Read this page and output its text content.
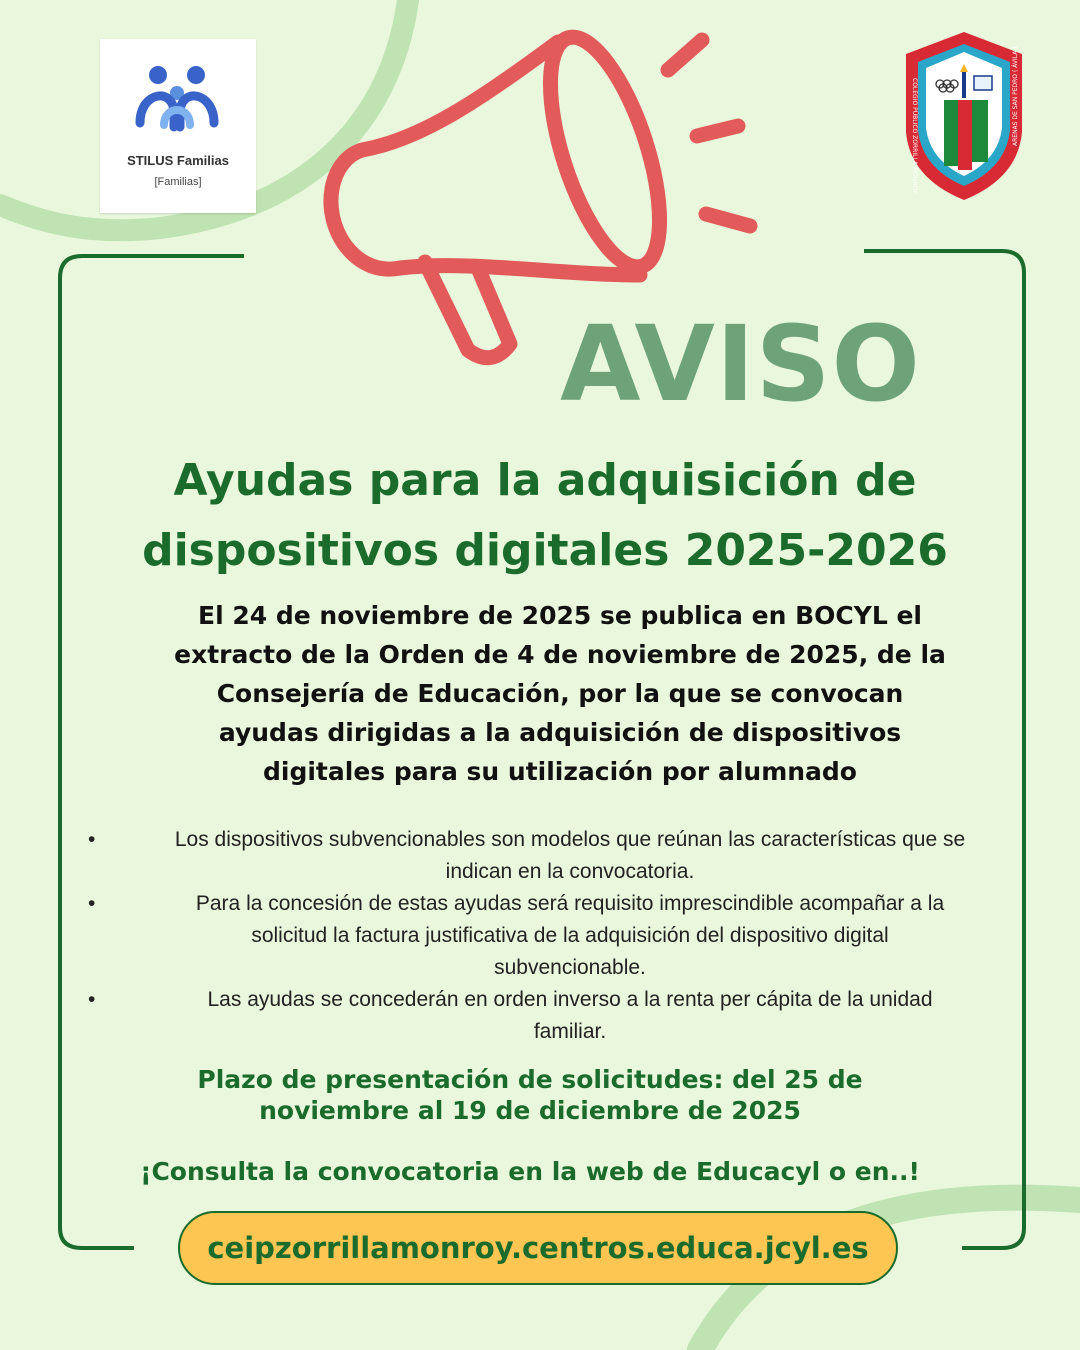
STILUS Familias
[Familias]	COLEGIO PÚBLICO ZORRILLA MONROY	ARENAS DE SAN PEDRO ( ÁVILA )
AVISO
Ayudas para la adquisición de
dispositivos digitales 2025-2026
El 24 de noviembre de 2025 se publica en BOCYL el
extracto de la Orden de 4 de noviembre de 2025, de la
Consejería de Educación, por la que se convocan
ayudas dirigidas a la adquisición de dispositivos
digitales para su utilización por alumnado
•	Los dispositivos subvencionables son modelos que reúnan las características que se
indican en la convocatoria.
•	Para la concesión de estas ayudas será requisito imprescindible acompañar a la
solicitud la factura justificativa de la adquisición del dispositivo digital
subvencionable.
•	Las ayudas se concederán en orden inverso a la renta per cápita de la unidad
familiar.
Plazo de presentación de solicitudes: del 25 de
noviembre al 19 de diciembre de 2025
¡Consulta la convocatoria en la web de Educacyl o en..!
ceipzorrillamonroy.centros.educa.jcyl.es
